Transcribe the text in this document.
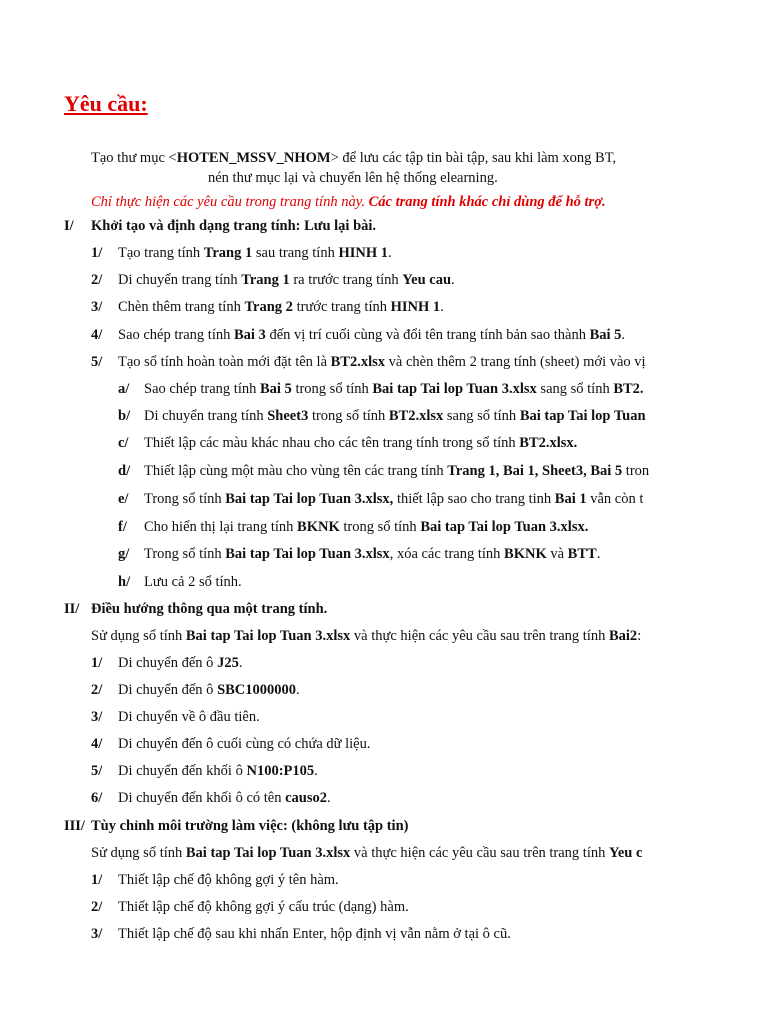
Yêu cầu:
Tạo thư mục <HOTEN_MSSV_NHOM> để lưu các tập tin bài tập, sau khi làm xong BT,
nén thư mục lại và chuyển lên hệ thống elearning.
Chỉ thực hiện các yêu cầu trong trang tính này. Các trang tính khác chỉ dùng để hỗ trợ.
I/ Khởi tạo và định dạng trang tính: Lưu lại bài.
1/ Tạo trang tính Trang 1 sau trang tính HINH 1.
2/ Di chuyển trang tính Trang 1 ra trước trang tính Yeu cau.
3/ Chèn thêm trang tính Trang 2 trước trang tính HINH 1.
4/ Sao chép trang tính Bai 3 đến vị trí cuối cùng và đổi tên trang tính bản sao thành Bai 5.
5/ Tạo sổ tính hoàn toàn mới đặt tên là BT2.xlsx và chèn thêm 2 trang tính (sheet) mới vào vị
a/ Sao chép trang tính Bai 5 trong sổ tính Bai tap Tai lop Tuan 3.xlsx sang sổ tính BT2.
b/ Di chuyển trang tính Sheet3 trong sổ tính BT2.xlsx sang sổ tính Bai tap Tai lop Tuan
c/ Thiết lập các màu khác nhau cho các tên trang tính trong sổ tính BT2.xlsx.
d/ Thiết lập cùng một màu cho vùng tên các trang tính Trang 1, Bai 1, Sheet3, Bai 5 tron
e/ Trong sổ tính Bai tap Tai lop Tuan 3.xlsx, thiết lập sao cho trang tinh Bai 1 vẫn còn t
f/ Cho hiển thị lại trang tính BKNK trong sổ tính Bai tap Tai lop Tuan 3.xlsx.
g/ Trong sổ tính Bai tap Tai lop Tuan 3.xlsx, xóa các trang tính BKNK và BTT.
h/ Lưu cả 2 sổ tính.
II/ Điều hướng thông qua một trang tính.
Sử dụng sổ tính Bai tap Tai lop Tuan 3.xlsx và thực hiện các yêu cầu sau trên trang tính Bai2:
1/ Di chuyển đến ô J25.
2/ Di chuyển đến ô SBC1000000.
3/ Di chuyển về ô đầu tiên.
4/ Di chuyển đến ô cuối cùng có chứa dữ liệu.
5/ Di chuyển đến khối ô N100:P105.
6/ Di chuyển đến khối ô có tên causo2.
III/ Tùy chỉnh môi trường làm việc: (không lưu tập tin)
Sử dụng sổ tính Bai tap Tai lop Tuan 3.xlsx và thực hiện các yêu cầu sau trên trang tính Yeu c
1/ Thiết lập chế độ không gợi ý tên hàm.
2/ Thiết lập chế độ không gợi ý cấu trúc (dạng) hàm.
3/ Thiết lập chế độ sau khi nhấn Enter, hộp định vị vẫn nằm ở tại ô cũ.
